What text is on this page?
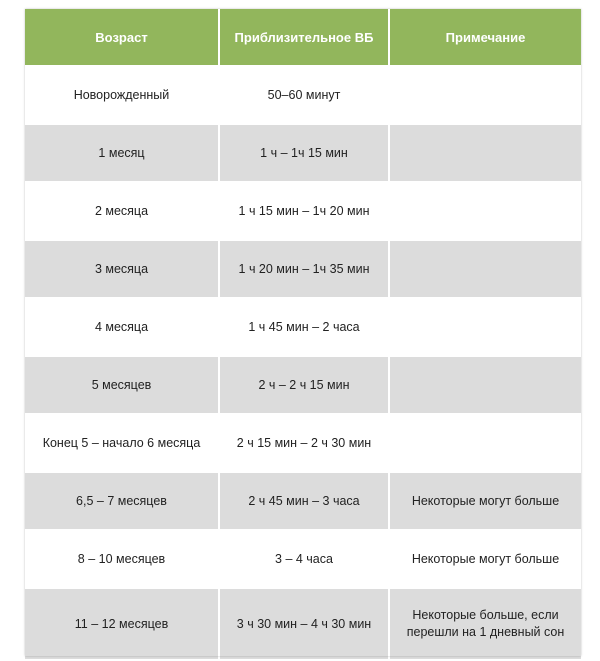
Возраст	Приблизительное ВБ	Примечание
Новорожденный	50–60 минут	
1 месяц	1 ч – 1ч 15 мин	
2 месяца	1 ч 15 мин – 1ч 20 мин	
3 месяца	1 ч 20 мин – 1ч 35 мин	
4 месяца	1 ч 45 мин – 2 часа	
5 месяцев	2 ч – 2 ч 15 мин	
Конец 5 – начало 6 месяца	2 ч 15 мин – 2 ч 30 мин	
6,5 – 7 месяцев	2 ч 45 мин – 3 часа	Некоторые могут больше
8 – 10 месяцев	3 – 4 часа	Некоторые могут больше
11 – 12 месяцев	3 ч 30 мин – 4 ч 30 мин	Некоторые больше, если перешли на 1 дневный сон
